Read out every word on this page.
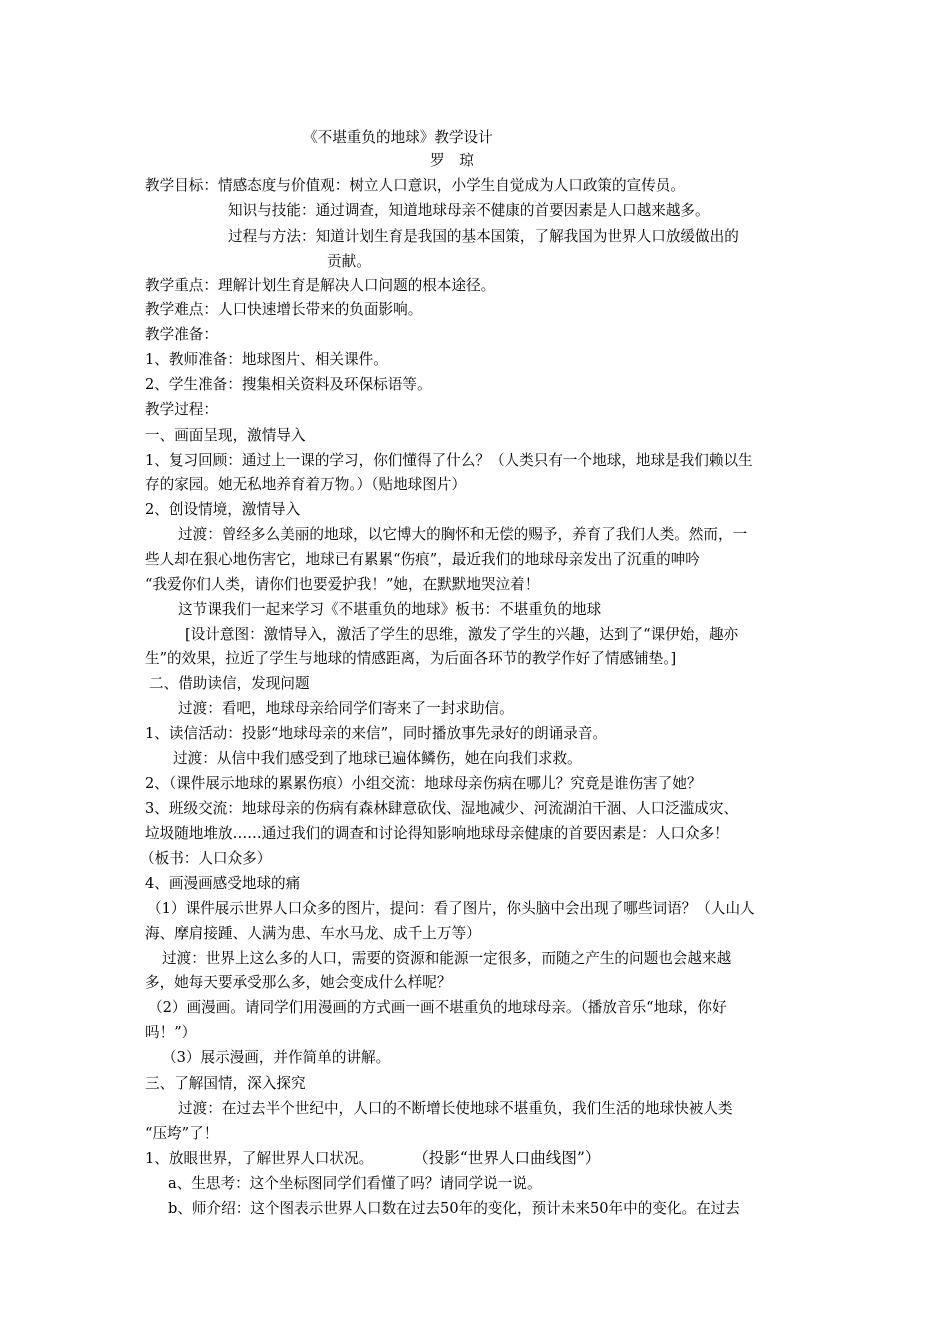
《不堪重负的地球》教学设计
罗　琼
教学目标：情感态度与价值观：树立人口意识，小学生自觉成为人口政策的宣传员。
知识与技能：通过调查，知道地球母亲不健康的首要因素是人口越来越多。
过程与方法：知道计划生育是我国的基本国策，了解我国为世界人口放缓做出的
贡献。
教学重点：理解计划生育是解决人口问题的根本途径。
教学难点：人口快速增长带来的负面影响。
教学准备：
1、教师准备：地球图片、相关课件。
2、学生准备：搜集相关资料及环保标语等。
教学过程：
一、画面呈现，激情导入
1、复习回顾：通过上一课的学习，你们懂得了什么？（人类只有一个地球，地球是我们赖以生
存的家园。她无私地养育着万物。）（贴地球图片）
2、创设情境，激情导入
过渡：曾经多么美丽的地球，以它博大的胸怀和无偿的赐予，养育了我们人类。然而，一
些人却在狠心地伤害它，地球已有累累“伤痕”，最近我们的地球母亲发出了沉重的呻吟
“我爱你们人类，请你们也要爱护我！”她，在默默地哭泣着！
这节课我们一起来学习《不堪重负的地球》板书：不堪重负的地球
[设计意图：激情导入，激活了学生的思维，激发了学生的兴趣，达到了“课伊始，趣亦
生”的效果，拉近了学生与地球的情感距离，为后面各环节的教学作好了情感铺垫。]
二、借助读信，发现问题
过渡：看吧，地球母亲给同学们寄来了一封求助信。
1、读信活动：投影“地球母亲的来信”，同时播放事先录好的朗诵录音。
过渡：从信中我们感受到了地球已遍体鳞伤，她在向我们求救。
2、（课件展示地球的累累伤痕）小组交流：地球母亲伤病在哪儿？究竟是谁伤害了她？
3、班级交流：地球母亲的伤病有森林肆意砍伐、湿地减少、河流湖泊干涸、人口泛滥成灾、
垃圾随地堆放……通过我们的调查和讨论得知影响地球母亲健康的首要因素是：人口众多！
（板书：人口众多）
4、画漫画感受地球的痛
（1）课件展示世界人口众多的图片，提问：看了图片，你头脑中会出现了哪些词语？（人山人
海、摩肩接踵、人满为患、车水马龙、成千上万等）
过渡：世界上这么多的人口，需要的资源和能源一定很多，而随之产生的问题也会越来越
多，她每天要承受那么多，她会变成什么样呢？
（2）画漫画。请同学们用漫画的方式画一画不堪重负的地球母亲。（播放音乐“地球，你好
吗！”）
（3）展示漫画，并作简单的讲解。
三、了解国情，深入探究
过渡：在过去半个世纪中，人口的不断增长使地球不堪重负，我们生活的地球快被人类
“压垮”了！
1、放眼世界，了解世界人口状况。	（投影“世界人口曲线图”）
a、生思考：这个坐标图同学们看懂了吗？请同学说一说。
b、师介绍：这个图表示世界人口数在过去50年的变化，预计未来50年中的变化。在过去
